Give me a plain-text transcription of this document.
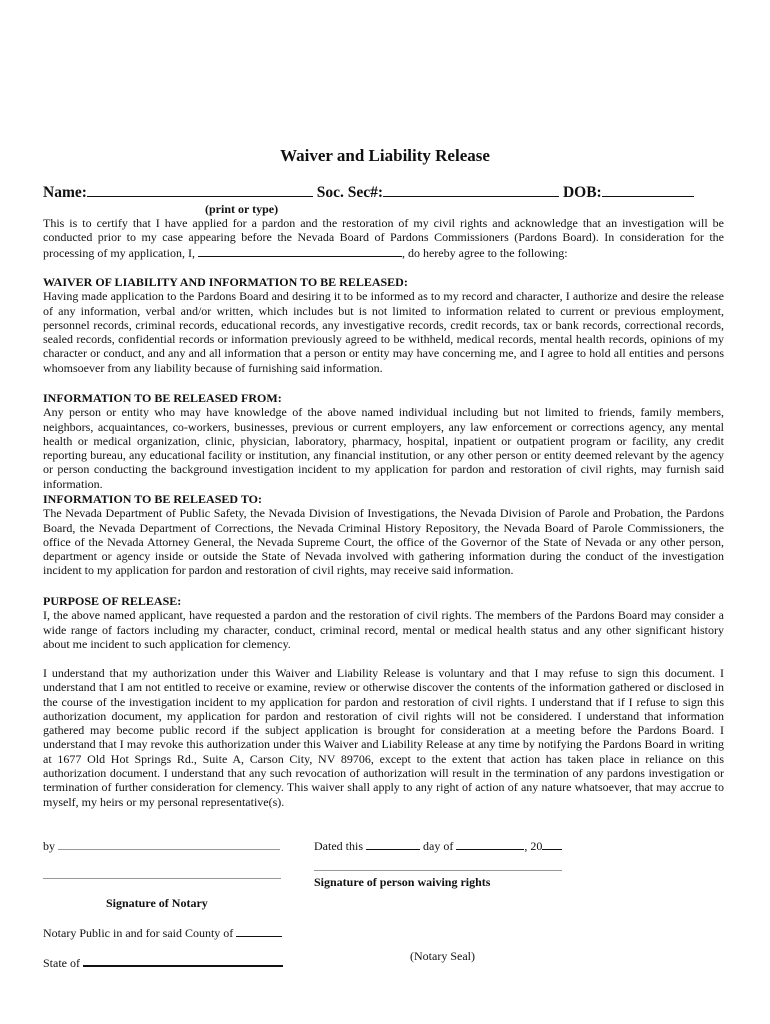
Waiver and Liability Release
Name:	Soc. Sec#:	DOB:
(print or type)
This is to certify that I have applied for a pardon and the restoration of my civil rights and acknowledge that an investigation will be conducted prior to my case appearing before the Nevada Board of Pardons Commissioners (Pardons Board). In consideration for the processing of my application, I,	, do hereby agree to the following:
WAIVER OF LIABILITY AND INFORMATION TO BE RELEASED:
Having made application to the Pardons Board and desiring it to be informed as to my record and character, I authorize and desire the release of any information, verbal and/or written, which includes but is not limited to information related to current or previous employment, personnel records, criminal records, educational records, any investigative records, credit records, tax or bank records, correctional records, sealed records, confidential records or information previously agreed to be withheld, medical records, mental health records, opinions of my character or conduct, and any and all information that a person or entity may have concerning me, and I agree to hold all entities and persons whomsoever from any liability because of furnishing said information.
INFORMATION TO BE RELEASED FROM:
Any person or entity who may have knowledge of the above named individual including but not limited to friends, family members, neighbors, acquaintances, co-workers, businesses, previous or current employers, any law enforcement or corrections agency, any mental health or medical organization, clinic, physician, laboratory, pharmacy, hospital, inpatient or outpatient program or facility, any credit reporting bureau, any educational facility or institution, any financial institution, or any other person or entity deemed relevant by the agency or person conducting the background investigation incident to my application for pardon and restoration of civil rights, may furnish said information.
INFORMATION TO BE RELEASED TO:
The Nevada Department of Public Safety, the Nevada Division of Investigations, the Nevada Division of Parole and Probation, the Pardons Board, the Nevada Department of Corrections, the Nevada Criminal History Repository, the Nevada Board of Parole Commissioners, the office of the Nevada Attorney General, the Nevada Supreme Court, the office of the Governor of the State of Nevada or any other person, department or agency inside or outside the State of Nevada involved with gathering information during the conduct of the investigation incident to my application for pardon and restoration of civil rights, may receive said information.
PURPOSE OF RELEASE:
I, the above named applicant, have requested a pardon and the restoration of civil rights. The members of the Pardons Board may consider a wide range of factors including my character, conduct, criminal record, mental or medical health status and any other significant history about me incident to such application for clemency.
I understand that my authorization under this Waiver and Liability Release is voluntary and that I may refuse to sign this document. I understand that I am not entitled to receive or examine, review or otherwise discover the contents of the information gathered or disclosed in the course of the investigation incident to my application for pardon and restoration of civil rights. I understand that if I refuse to sign this authorization document, my application for pardon and restoration of civil rights will not be considered. I understand that information gathered may become public record if the subject application is brought for consideration at a meeting before the Pardons Board. I understand that I may revoke this authorization under this Waiver and Liability Release at any time by notifying the Pardons Board in writing at 1677 Old Hot Springs Rd., Suite A, Carson City, NV 89706, except to the extent that action has taken place in reliance on this authorization document. I understand that any such revocation of authorization will result in the termination of any pardons investigation or termination of further consideration for clemency. This waiver shall apply to any right of action of any nature whatsoever, that may accrue to myself, my heirs or my personal representative(s).
by	Dated this	day of	, 20
Signature of person waiving rights
Signature of Notary
Notary Public in and for said County of
State of	(Notary Seal)
